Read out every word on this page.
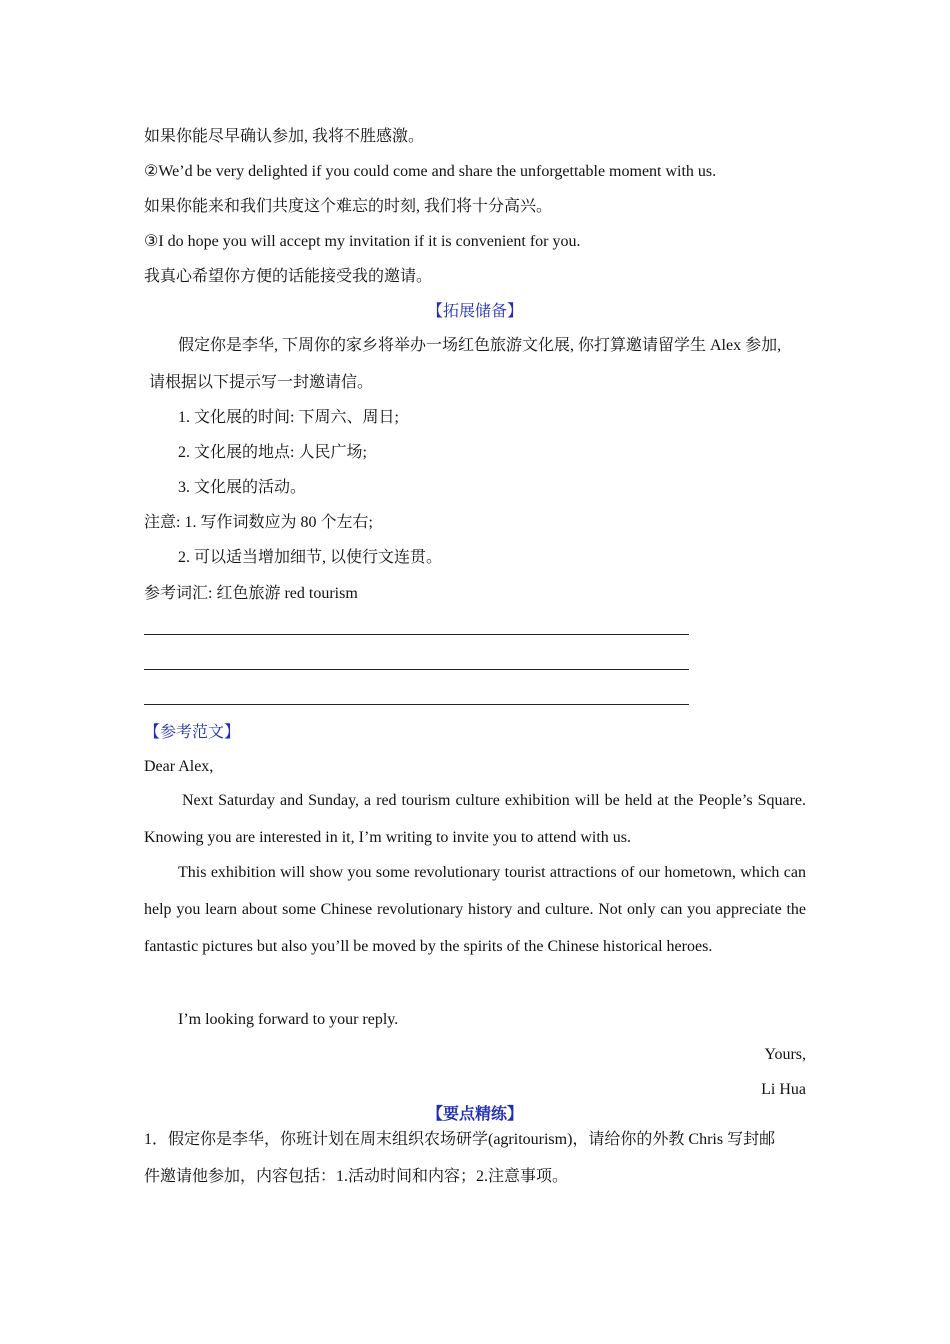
如果你能尽早确认参加, 我将不胜感激。
②We’d be very delighted if you could come and share the unforgettable moment with us.
如果你能来和我们共度这个难忘的时刻, 我们将十分高兴。
③I do hope you will accept my invitation if it is convenient for you.
我真心希望你方便的话能接受我的邀请。
【拓展储备】
假定你是李华, 下周你的家乡将举办一场红色旅游文化展, 你打算邀请留学生 Alex 参加,
请根据以下提示写一封邀请信。
1. 文化展的时间: 下周六、周日;
2. 文化展的地点: 人民广场;
3. 文化展的活动。
注意: 1. 写作词数应为 80 个左右;
2. 可以适当增加细节, 以使行文连贯。
参考词汇: 红色旅游 red tourism
【参考范文】
Dear Alex,
Next Saturday and Sunday, a red tourism culture exhibition will be held at the People’s Square. Knowing you are interested in it, I’m writing to invite you to attend with us.
This exhibition will show you some revolutionary tourist attractions of our hometown, which can help you learn about some Chinese revolutionary history and culture. Not only can you appreciate the fantastic pictures but also you’ll be moved by the spirits of the Chinese historical heroes.
I’m looking forward to your reply.
Yours,
Li Hua
【要点精练】
1．假定你是李华，你班计划在周末组织农场研学(agritourism)，请给你的外教 Chris 写封邮
件邀请他参加，内容包括：1.活动时间和内容；2.注意事项。
